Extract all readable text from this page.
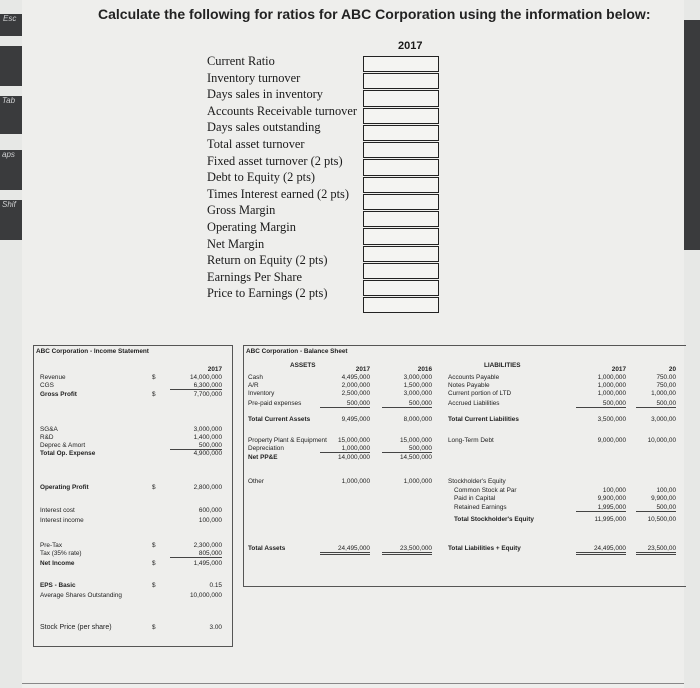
Esc
Tab
aps
Shif
Calculate the following for ratios for ABC Corporation using the information below:
Current Ratio
Inventory turnover
Days sales in inventory
Accounts Receivable turnover
Days sales outstanding
Total asset turnover
Fixed asset turnover (2 pts)
Debt to Equity (2 pts)
Times Interest earned (2 pts)
Gross Margin
Operating Margin
Net Margin
Return on Equity (2 pts)
Earnings Per Share
Price to Earnings (2 pts)
2017
ABC Corporation - Income Statement
2017
Revenue	$	14,000,000
CGS	6,300,000
Gross Profit	$	7,700,000
SG&A	3,000,000
R&D	1,400,000
Deprec & Amort	500,000
Total Op. Expense	4,900,000
Operating Profit	$	2,800,000
Interest cost	600,000
Interest income	100,000
Pre-Tax	$	2,300,000
Tax (35% rate)	805,000
Net Income	$	1,495,000
EPS - Basic	$	0.15
Average Shares Outstanding	10,000,000
Stock Price (per share)	$	3.00
ABC Corporation - Balance Sheet
ASSETS
2017	2016
LIABILITIES
2017	20
Cash	4,495,000	3,000,000
A/R	2,000,000	1,500,000
Inventory	2,500,000	3,000,000
Pre-paid expenses	500,000	500,000
Total Current Assets	9,495,000	8,000,000
Property Plant & Equipment	15,000,000	15,000,000
Depreciation	1,000,000	500,000
Net PP&E	14,000,000	14,500,000
Other	1,000,000	1,000,000
Total Assets	24,495,000	23,500,000
Accounts Payable	1,000,000	750.00
Notes Payable	1,000,000	750,00
Current portion of LTD	1,000,000	1,000,00
Accrued Liabilities	500,000	500,00
Total Current Liabilities	3,500,000	3,000,00
Long-Term Debt	9,000,000	10,000,00
Stockholder's Equity
Common Stock at Par	100,000	100,00
Paid in Capital	9,900,000	9,900,00
Retained Earnings	1,995,000	500,00
Total Stockholder's Equity	11,995,000	10,500,00
Total Liabilities + Equity	24,495,000	23,500,00
